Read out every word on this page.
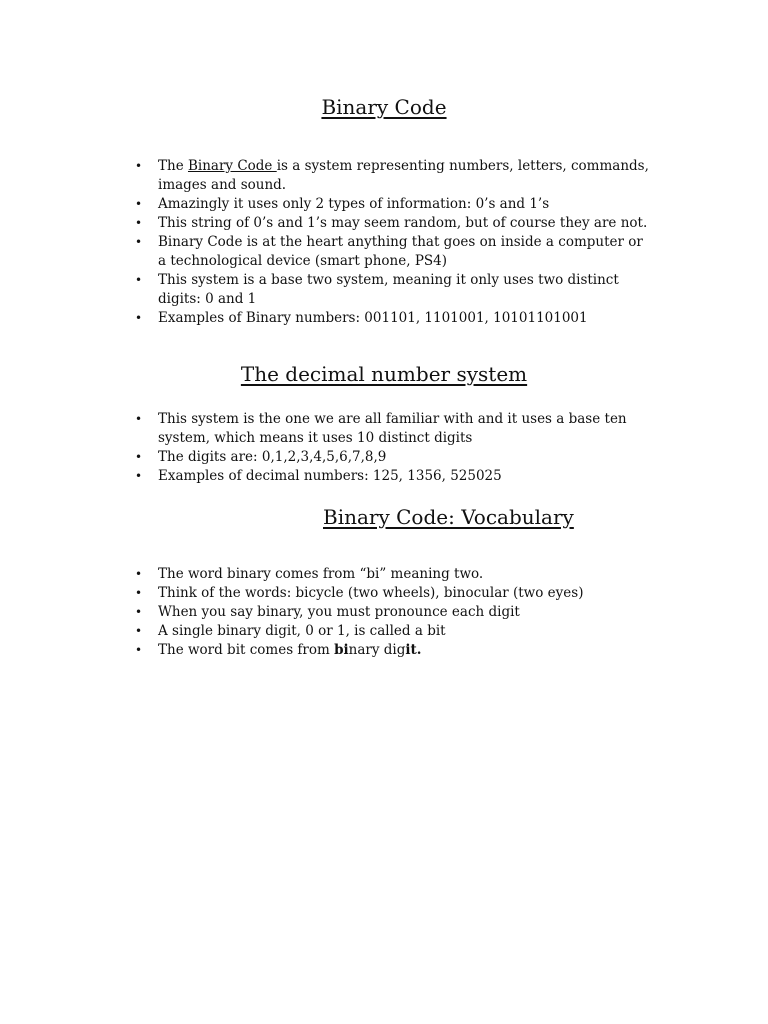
Binary Code
•	The Binary Code is a system representing numbers, letters, commands, images and sound.
•	Amazingly it uses only 2 types of information: 0’s and 1’s
•	This string of 0’s and 1’s may seem random, but of course they are not.
•	Binary Code is at the heart anything that goes on inside a computer or a technological device (smart phone, PS4)
•	This system is a base two system, meaning it only uses two distinct digits: 0 and 1
•	Examples of Binary numbers: 001101, 1101001, 10101101001
The decimal number system
•	This system is the one we are all familiar with and it uses a base ten system, which means it uses 10 distinct digits
•	The digits are: 0,1,2,3,4,5,6,7,8,9
•	Examples of decimal numbers: 125, 1356, 525025
Binary Code: Vocabulary
•	The word binary comes from “bi” meaning two.
•	Think of the words: bicycle (two wheels), binocular (two eyes)
•	When you say binary, you must pronounce each digit
•	A single binary digit, 0 or 1, is called a bit
•	The word bit comes from binary digit.
